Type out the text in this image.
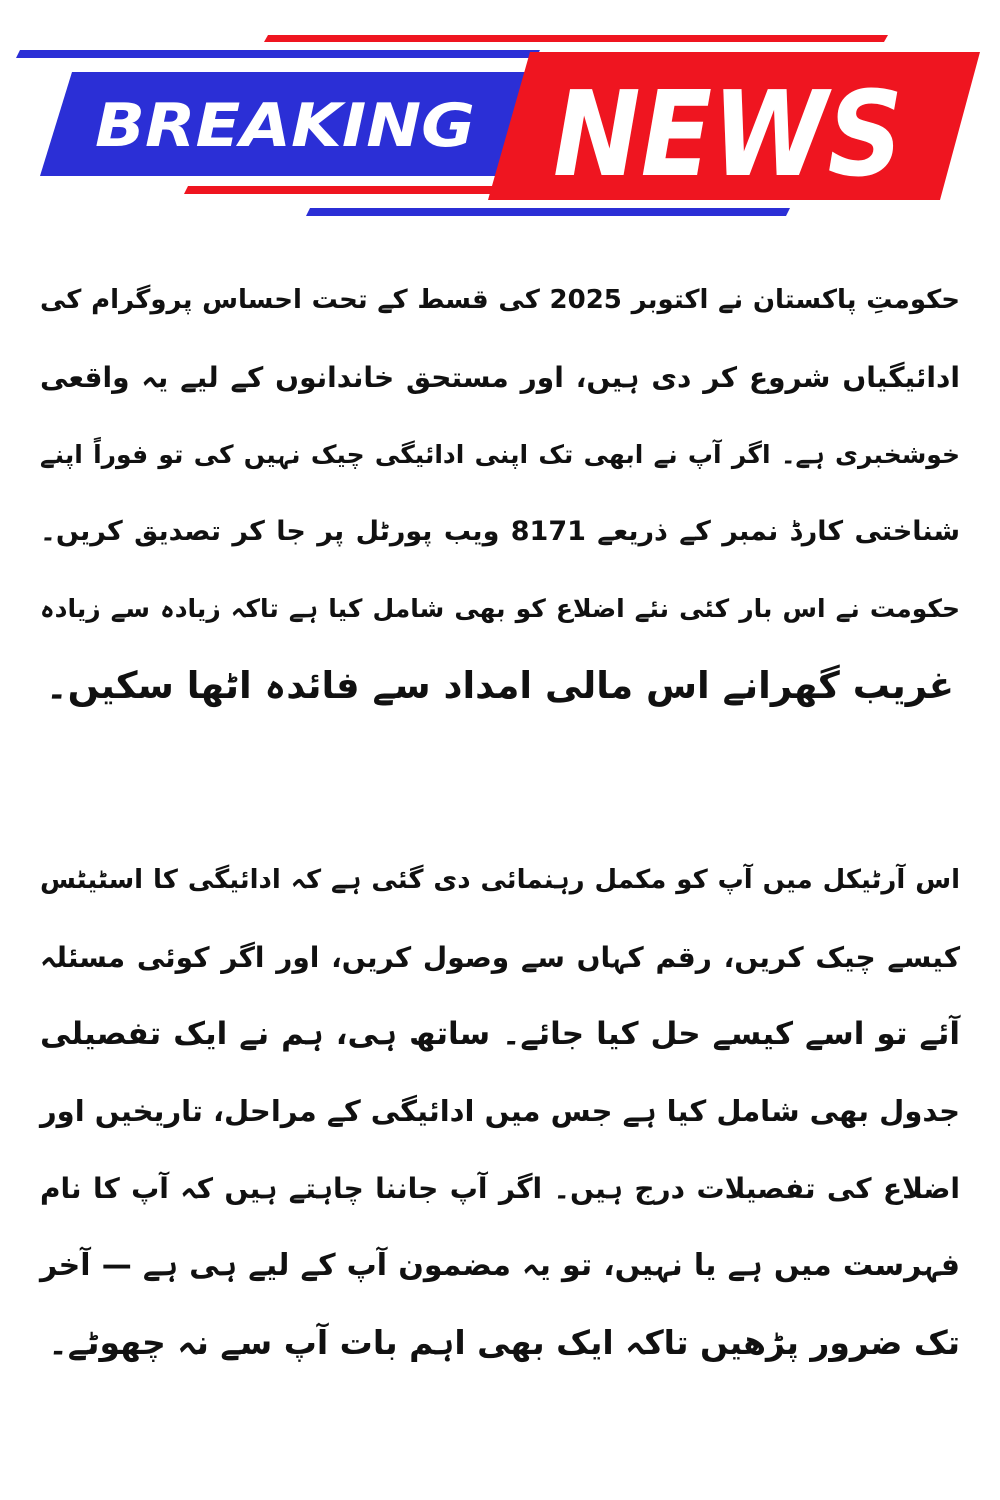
BREAKING NEWS
حکومتِ پاکستان نے اکتوبر 2025 کی قسط کے تحت احساس پروگرام کی
ادائیگیاں شروع کر دی ہیں، اور مستحق خاندانوں کے لیے یہ واقعی
خوشخبری ہے۔ اگر آپ نے ابھی تک اپنی ادائیگی چیک نہیں کی تو فوراً اپنے
شناختی کارڈ نمبر کے ذریعے 8171 ویب پورٹل پر جا کر تصدیق کریں۔
حکومت نے اس بار کئی نئے اضلاع کو بھی شامل کیا ہے تاکہ زیادہ سے زیادہ
غریب گھرانے اس مالی امداد سے فائدہ اٹھا سکیں۔
اس آرٹیکل میں آپ کو مکمل رہنمائی دی گئی ہے کہ ادائیگی کا اسٹیٹس
کیسے چیک کریں، رقم کہاں سے وصول کریں، اور اگر کوئی مسئلہ
آئے تو اسے کیسے حل کیا جائے۔ ساتھ ہی، ہم نے ایک تفصیلی
جدول بھی شامل کیا ہے جس میں ادائیگی کے مراحل، تاریخیں اور
اضلاع کی تفصیلات درج ہیں۔ اگر آپ جاننا چاہتے ہیں کہ آپ کا نام
فہرست میں ہے یا نہیں، تو یہ مضمون آپ کے لیے ہی ہے — آخر
تک ضرور پڑھیں تاکہ ایک بھی اہم بات آپ سے نہ چھوٹے۔
